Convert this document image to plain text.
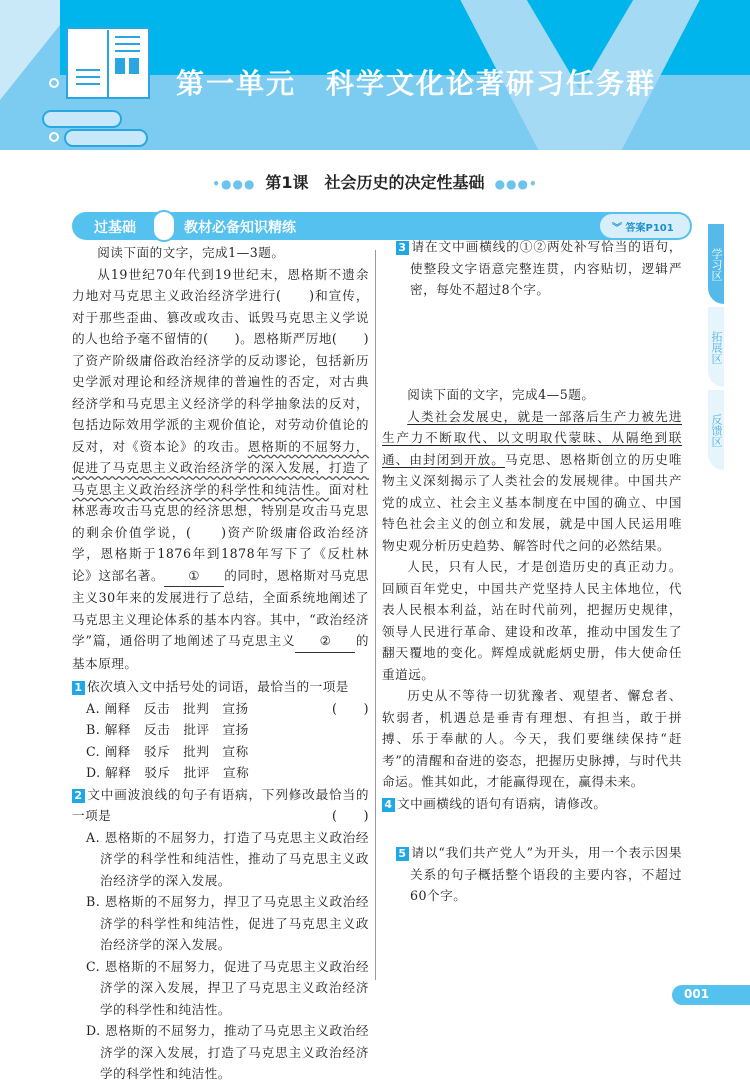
第一单元　科学文化论著研习任务群
•●●● 第1课　社会历史的决定性基础 ●●●•
过基础	教材必备知识精练	︾ 答案P101
学习区
拓展区
反馈区

阅读下面的文字，完成1—3题。

从19世纪70年代到19世纪末，恩格斯不遗余力地对马克思主义政治经济学进行(　　)和宣传，对于那些歪曲、篡改或攻击、诋毁马克思主义学说的人也给予毫不留情的(　　)。恩格斯严厉地(　　)了资产阶级庸俗政治经济学的反动谬论，包括新历史学派对理论和经济规律的普遍性的否定，对古典经济学和马克思主义经济学的科学抽象法的反对，包括边际效用学派的主观价值论，对劳动价值论的反对，对《资本论》的攻击。恩格斯的不屈努力，促进了马克思主义政治经济学的深入发展，打造了马克思主义政治经济学的科学性和纯洁性。面对杜林恶毒攻击马克思的经济思想，特别是攻击马克思的剩余价值学说，(　　)资产阶级庸俗政治经济学，恩格斯于1876年到1878年写下了《反杜林论》这部名著。 ① 的同时，恩格斯对马克思主义30年来的发展进行了总结，全面系统地阐述了马克思主义理论体系的基本内容。其中，“政治经济学”篇，通俗明了地阐述了马克思主义 ② 的基本原理。

1 依次填入文中括号处的词语，最恰当的一项是
(　　)

A. 阐释　反击　批判　宣扬

B. 解释　反击　批评　宣扬

C. 阐释　驳斥　批判　宣称

D. 解释　驳斥　批评　宣称

2 文中画波浪线的句子有语病，下列修改最恰当的一项是	(　　)

A. 恩格斯的不屈努力，打造了马克思主义政治经济学的科学性和纯洁性，推动了马克思主义政治经济学的深入发展。

B. 恩格斯的不屈努力，捍卫了马克思主义政治经济学的科学性和纯洁性，促进了马克思主义政治经济学的深入发展。

C. 恩格斯的不屈努力，促进了马克思主义政治经济学的深入发展，捍卫了马克思主义政治经济学的科学性和纯洁性。

D. 恩格斯的不屈努力，推动了马克思主义政治经济学的深入发展，打造了马克思主义政治经济学的科学性和纯洁性。

3 请在文中画横线的①②两处补写恰当的语句，使整段文字语意完整连贯，内容贴切，逻辑严密，每处不超过8个字。

阅读下面的文字，完成4—5题。

人类社会发展史，就是一部落后生产力被先进生产力不断取代、以文明取代蒙昧、从隔绝到联通、由封闭到开放。马克思、恩格斯创立的历史唯物主义深刻揭示了人类社会的发展规律。中国共产党的成立、社会主义基本制度在中国的确立、中国特色社会主义的创立和发展，就是中国人民运用唯物史观分析历史趋势、解答时代之问的必然结果。

人民，只有人民，才是创造历史的真正动力。回顾百年党史，中国共产党坚持人民主体地位，代表人民根本利益，站在时代前列，把握历史规律，领导人民进行革命、建设和改革，推动中国发生了翻天覆地的变化。辉煌成就彪炳史册，伟大使命任重道远。

历史从不等待一切犹豫者、观望者、懈怠者、软弱者，机遇总是垂青有理想、有担当，敢于拼搏、乐于奉献的人。今天，我们要继续保持“赶考”的清醒和奋进的姿态，把握历史脉搏，与时代共命运。惟其如此，才能赢得现在，赢得未来。

4 文中画横线的语句有语病，请修改。

5 请以“我们共产党人”为开头，用一个表示因果关系的句子概括整个语段的主要内容，不超过60个字。

001
